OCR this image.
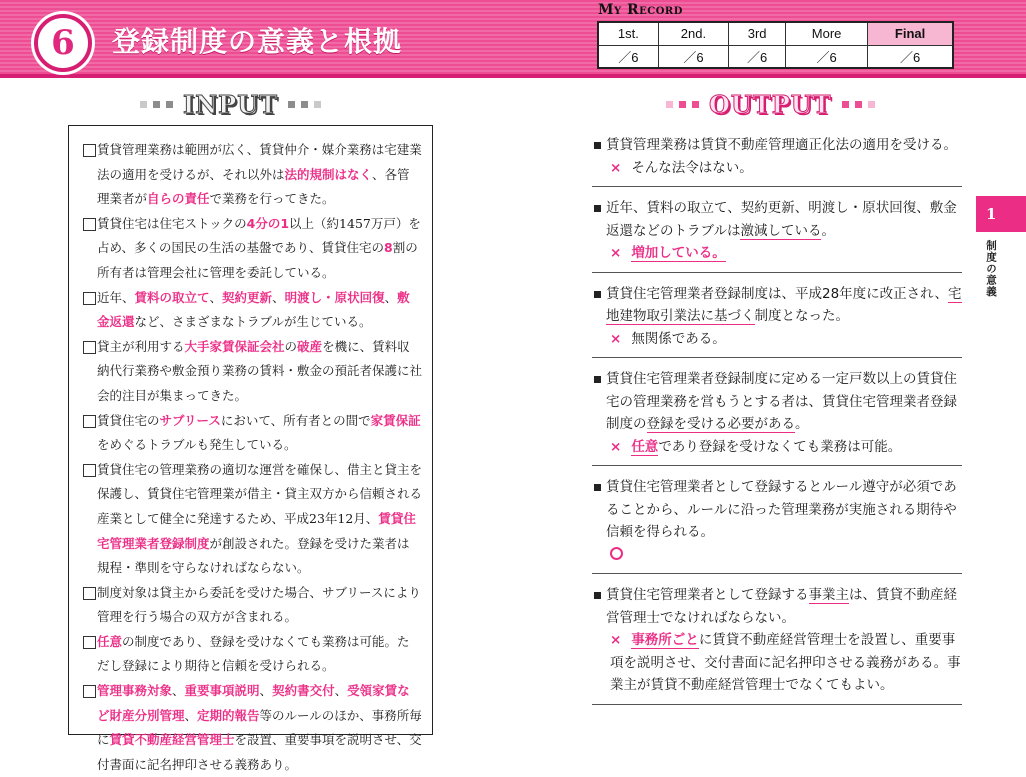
6 登録制度の意義と根拠
My Record
1st.	2nd.	3rd	More	Final
／6	／6	／6	／6	／6
INPUT	OUTPUT
賃貸管理業務は範囲が広く、賃貸仲介・媒介業務は宅建業法の適用を受けるが、それ以外は法的規制はなく、各管理業者が自らの責任で業務を行ってきた。
賃貸住宅は住宅ストックの4分の1以上（約1457万戸）を占め、多くの国民の生活の基盤であり、賃貸住宅の8割の所有者は管理会社に管理を委託している。
近年、賃料の取立て、契約更新、明渡し・原状回復、敷金返還など、さまざまなトラブルが生じている。
貸主が利用する大手家賃保証会社の破産を機に、賃料収納代行業務や敷金預り業務の賃料・敷金の預託者保護に社会的注目が集まってきた。
賃貸住宅のサブリースにおいて、所有者との間で家賃保証をめぐるトラブルも発生している。
賃貸住宅の管理業務の適切な運営を確保し、借主と貸主を保護し、賃貸住宅管理業が借主・貸主双方から信頼される産業として健全に発達するため、平成23年12月、賃貸住宅管理業者登録制度が創設された。登録を受けた業者は規程・準則を守らなければならない。
制度対象は貸主から委託を受けた場合、サブリースにより管理を行う場合の双方が含まれる。
任意の制度であり、登録を受けなくても業務は可能。ただし登録により期待と信頼を受けられる。
管理事務対象、重要事項説明、契約書交付、受領家賃など財産分別管理、定期的報告等のルールのほか、事務所毎に賃貸不動産経営管理士を設置、重要事項を説明させ、交付書面に記名押印させる義務あり。
賃貸管理業務は賃貸不動産管理適正化法の適用を受ける。
× そんな法令はない。
近年、賃料の取立て、契約更新、明渡し・原状回復、敷金返還などのトラブルは激減している。
× 増加している。
賃貸住宅管理業者登録制度は、平成28年度に改正され、宅地建物取引業法に基づく制度となった。
× 無関係である。
賃貸住宅管理業者登録制度に定める一定戸数以上の賃貸住宅の管理業務を営もうとする者は、賃貸住宅管理業者登録制度の登録を受ける必要がある。
× 任意であり登録を受けなくても業務は可能。
賃貸住宅管理業者として登録するとルール遵守が必須であることから、ルールに沿った管理業務が実施される期待や信頼を得られる。
賃貸住宅管理業者として登録する事業主は、賃貸不動産経営管理士でなければならない。
× 事務所ごとに賃貸不動産経営管理士を設置し、重要事項を説明させ、交付書面に記名押印させる義務がある。事業主が賃貸不動産経営管理士でなくてもよい。
1
制度の意義
